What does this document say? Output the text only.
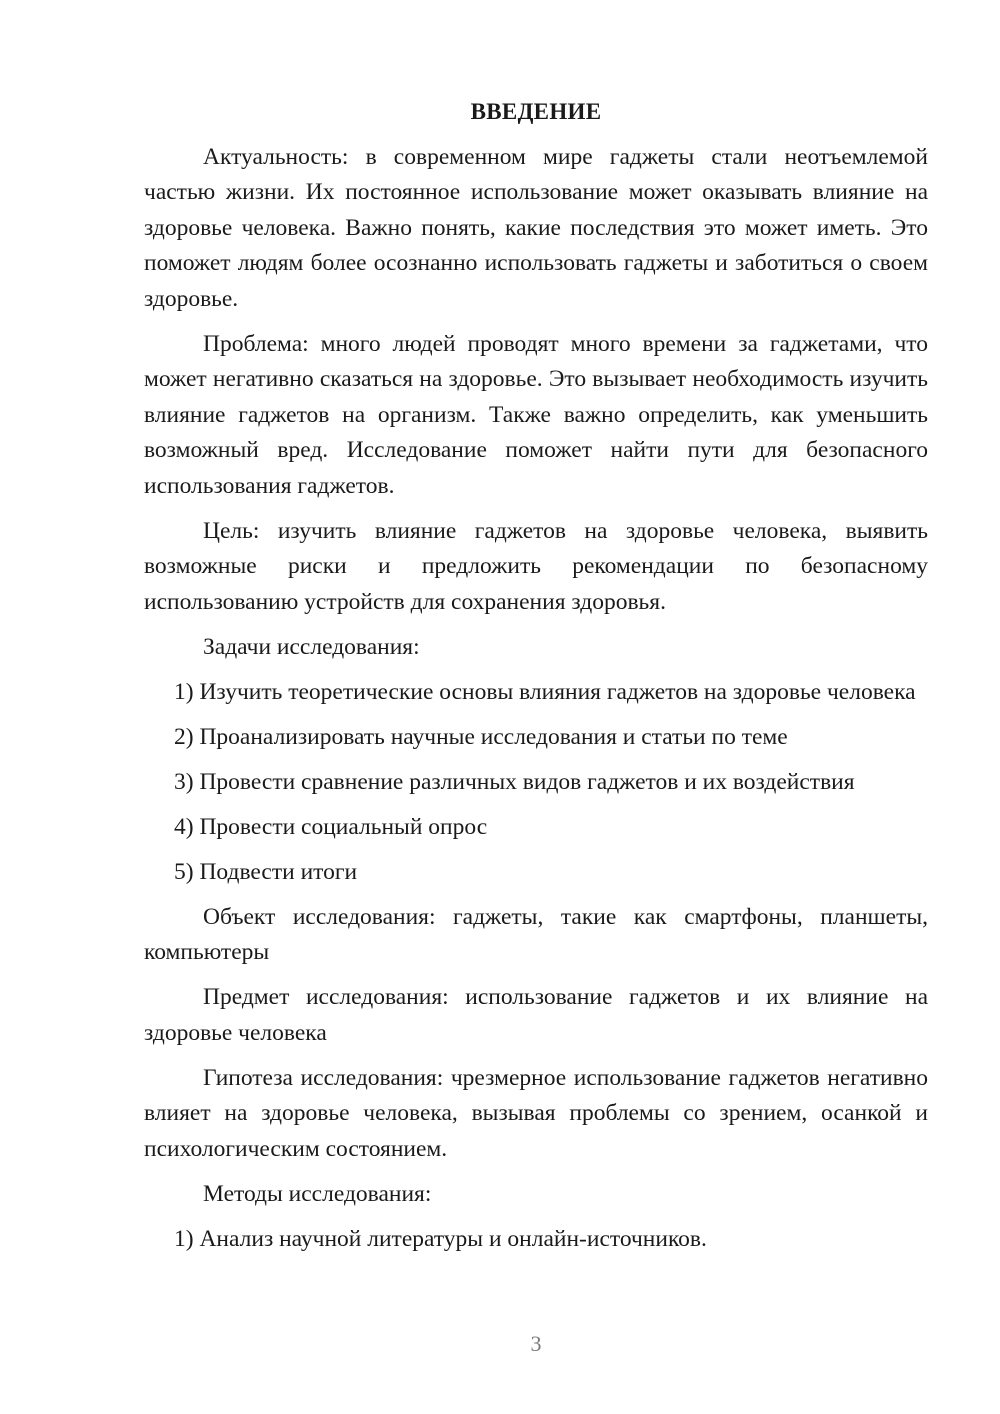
ВВЕДЕНИЕ

Актуальность: в современном мире гаджеты стали неотъемлемой частью жизни. Их постоянное использование может оказывать влияние на здоровье человека. Важно понять, какие последствия это может иметь. Это поможет людям более осознанно использовать гаджеты и заботиться о своем здоровье.

Проблема: много людей проводят много времени за гаджетами, что может негативно сказаться на здоровье. Это вызывает необходимость изучить влияние гаджетов на организм. Также важно определить, как уменьшить возможный вред. Исследование поможет найти пути для безопасного использования гаджетов.

Цель: изучить влияние гаджетов на здоровье человека, выявить возможные риски и предложить рекомендации по безопасному использованию устройств для сохранения здоровья.

Задачи исследования:

1) Изучить теоретические основы влияния гаджетов на здоровье человека

2) Проанализировать научные исследования и статьи по теме

3) Провести сравнение различных видов гаджетов и их воздействия

4) Провести социальный опрос

5) Подвести итоги

Объект исследования: гаджеты, такие как смартфоны, планшеты, компьютеры

Предмет исследования: использование гаджетов и их влияние на здоровье человека

Гипотеза исследования: чрезмерное использование гаджетов негативно влияет на здоровье человека, вызывая проблемы со зрением, осанкой и психологическим состоянием.

Методы исследования:

1) Анализ научной литературы и онлайн-источников.

3
